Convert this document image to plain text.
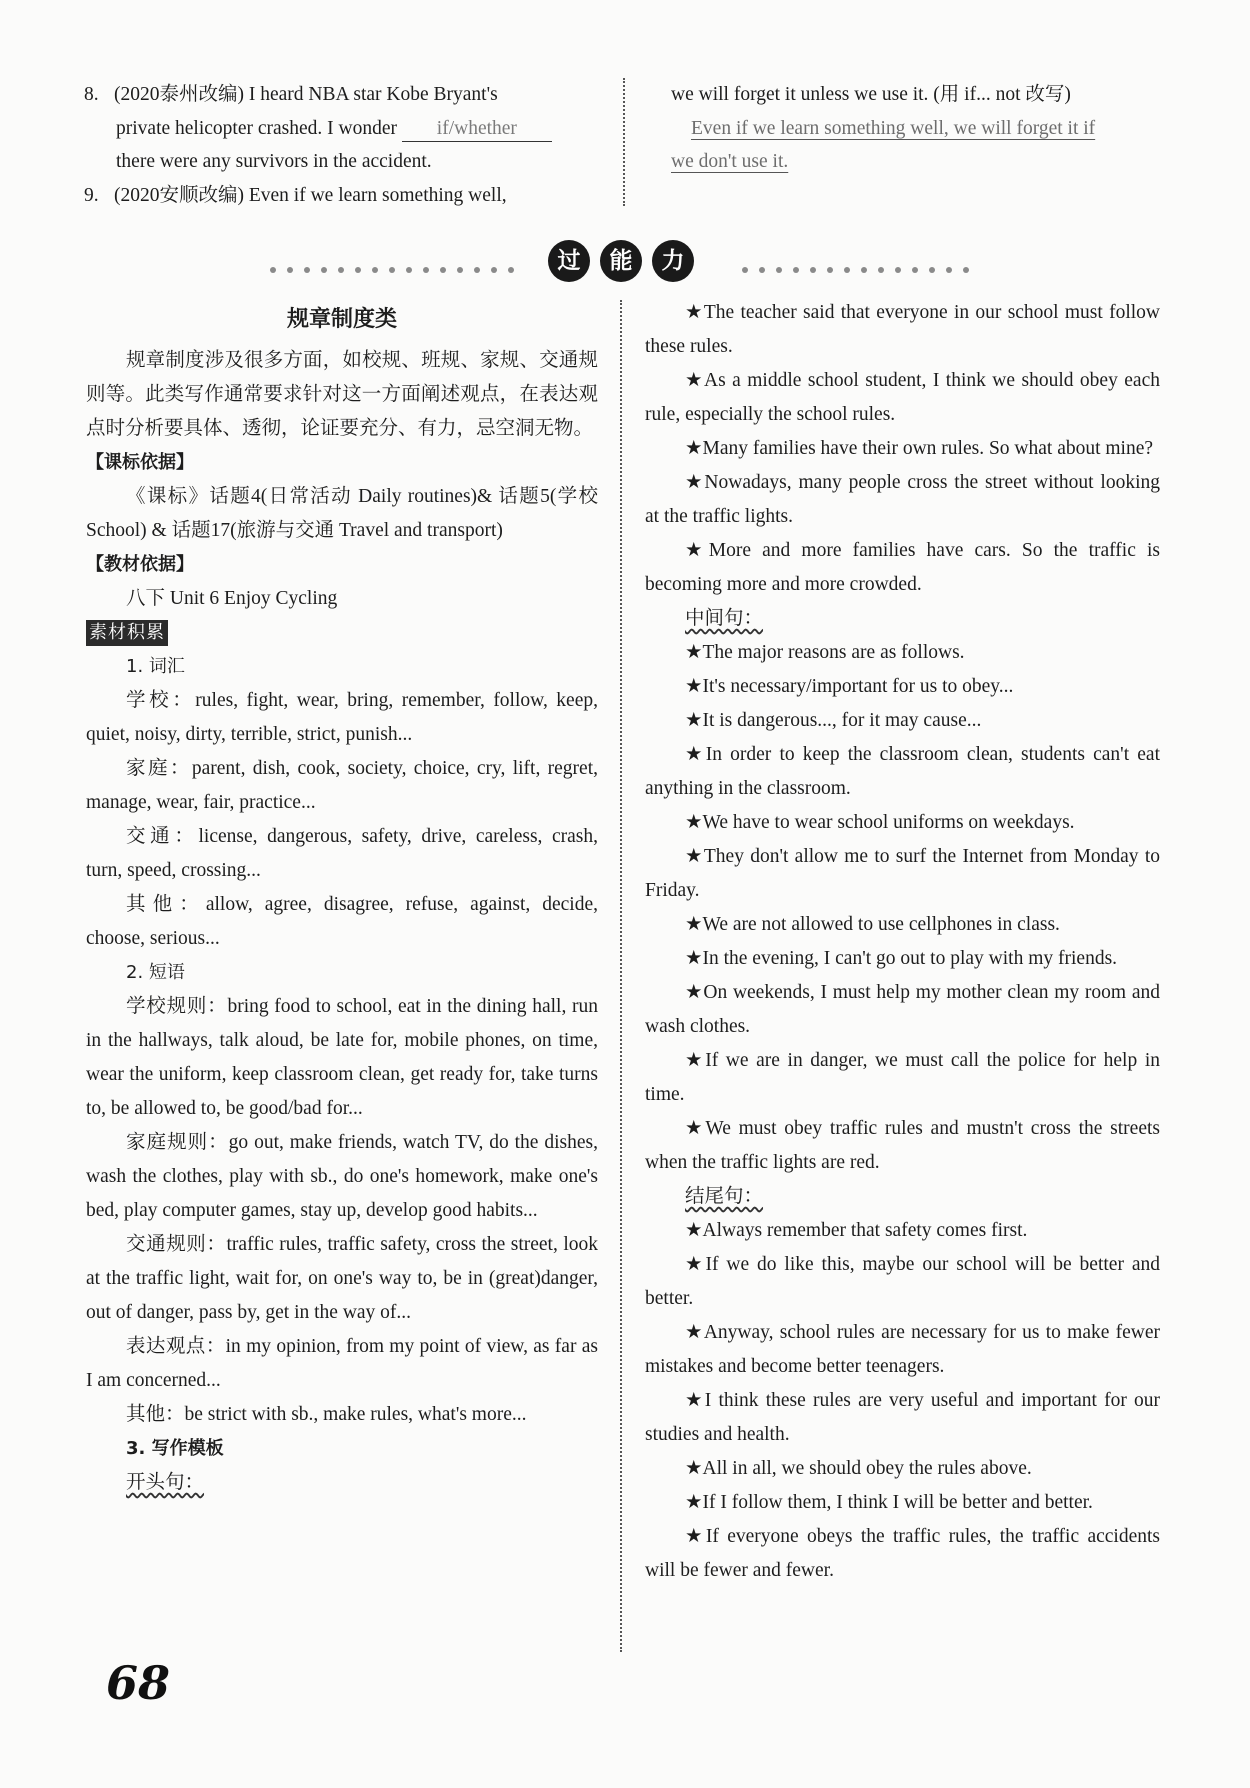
8. (2020泰州改编) I heard NBA star Kobe Bryant's
private helicopter crashed. I wonder if/whether
there were any survivors in the accident.
9. (2020安顺改编) Even if we learn something well,
we will forget it unless we use it. (用 if... not 改写)
Even if we learn something well, we will forget it if
we don't use it.
过	能	力
规章制度类
规章制度涉及很多方面，如校规、班规、家规、交通规则等。此类写作通常要求针对这一方面阐述观点，在表达观点时分析要具体、透彻，论证要充分、有力，忌空洞无物。
【课标依据】
《课标》话题4(日常活动 Daily routines)& 话题5(学校 School) & 话题17(旅游与交通 Travel and transport)
【教材依据】
八下 Unit 6 Enjoy Cycling
素材积累
1. 词汇
学校：rules, fight, wear, bring, remember, follow, keep, quiet, noisy, dirty, terrible, strict, punish...
家庭：parent, dish, cook, society, choice, cry, lift, regret, manage, wear, fair, practice...
交通：license, dangerous, safety, drive, careless, crash, turn, speed, crossing...
其他：allow, agree, disagree, refuse, against, decide, choose, serious...
2. 短语
学校规则：bring food to school, eat in the dining hall, run in the hallways, talk aloud, be late for, mobile phones, on time, wear the uniform, keep classroom clean, get ready for, take turns to, be allowed to, be good/bad for...
家庭规则：go out, make friends, watch TV, do the dishes, wash the clothes, play with sb., do one's homework, make one's bed, play computer games, stay up, develop good habits...
交通规则：traffic rules, traffic safety, cross the street, look at the traffic light, wait for, on one's way to, be in (great)danger, out of danger, pass by, get in the way of...
表达观点：in my opinion, from my point of view, as far as I am concerned...
其他：be strict with sb., make rules, what's more...
3. 写作模板
开头句：
★The teacher said that everyone in our school must follow these rules.
★As a middle school student, I think we should obey each rule, especially the school rules.
★Many families have their own rules. So what about mine?
★Nowadays, many people cross the street without looking at the traffic lights.
★More and more families have cars. So the traffic is becoming more and more crowded.
中间句：
★The major reasons are as follows.
★It's necessary/important for us to obey...
★It is dangerous..., for it may cause...
★In order to keep the classroom clean, students can't eat anything in the classroom.
★We have to wear school uniforms on weekdays.
★They don't allow me to surf the Internet from Monday to Friday.
★We are not allowed to use cellphones in class.
★In the evening, I can't go out to play with my friends.
★On weekends, I must help my mother clean my room and wash clothes.
★If we are in danger, we must call the police for help in time.
★We must obey traffic rules and mustn't cross the streets when the traffic lights are red.
结尾句：
★Always remember that safety comes first.
★If we do like this, maybe our school will be better and better.
★Anyway, school rules are necessary for us to make fewer mistakes and become better teenagers.
★I think these rules are very useful and important for our studies and health.
★All in all, we should obey the rules above.
★If I follow them, I think I will be better and better.
★If everyone obeys the traffic rules, the traffic accidents will be fewer and fewer.
68
